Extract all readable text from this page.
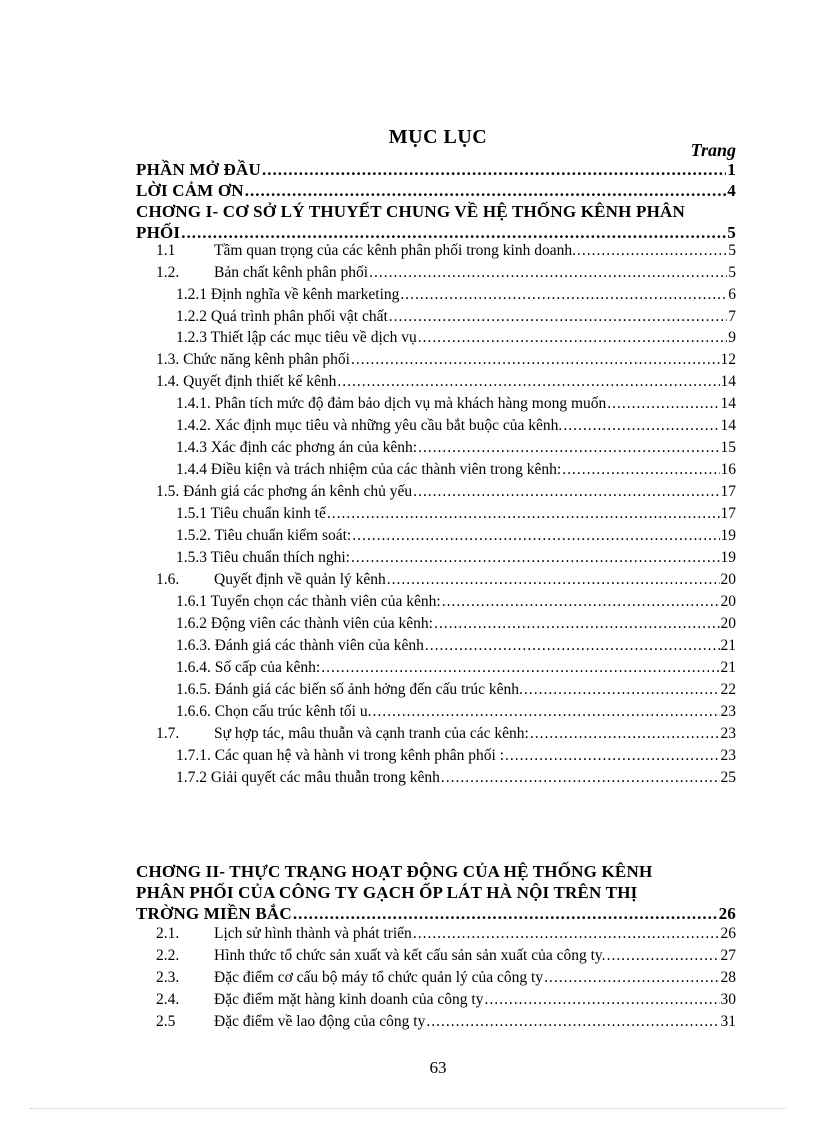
MỤC LỤC
Trang
PHẦN MỞ ĐẦU .....	1
LỜI CẢM ƠN .....	4
CHƠNG I- CƠ SỞ LÝ THUYẾT CHUNG VỀ HỆ THỐNG KÊNH PHÂN
PHỐI .....	5
1.1 Tầm quan trọng của các kênh phân phối trong kinh doanh. .....	5
1.2. Bản chất kênh phân phối .....	5
1.2.1 Định nghĩa về kênh marketing .....	6
1.2.2 Quá trình phân phối vật chất .....	7
1.2.3 Thiết lập các mục tiêu về dịch vụ .....	9
1.3. Chức năng kênh phân phối .....	12
1.4. Quyết định thiết kế kênh .....	14
1.4.1. Phân tích mức độ đảm bảo dịch vụ mà khách hàng mong muốn .....	14
1.4.2. Xác định mục tiêu và những yêu cầu bắt buộc của kênh. .....	14
1.4.3 Xác định các phơng án của kênh: .....	15
1.4.4 Điều kiện và trách nhiệm của các thành viên trong kênh: .....	16
1.5. Đánh giá các phơng án kênh chủ yếu .....	17
1.5.1 Tiêu chuẩn kinh tế .....	17
1.5.2. Tiêu chuẩn kiểm soát: .....	19
1.5.3 Tiêu chuẩn thích nghi: .....	19
1.6. Quyết định về quản lý kênh .....	20
1.6.1 Tuyển chọn các thành viên của kênh: .....	20
1.6.2 Động viên các thành viên của kênh: .....	20
1.6.3. Đánh giá các thành viên của kênh .....	21
1.6.4. Số cấp của kênh: .....	21
1.6.5. Đánh giá các biến số ảnh hởng đến cấu trúc kênh. .....	22
1.6.6. Chọn cấu trúc kênh tối u. .....	23
1.7. Sự hợp tác, mâu thuẫn và cạnh tranh của các kênh: .....	23
1.7.1. Các quan hệ và hành vi trong kênh phân phối : .....	23
1.7.2 Giải quyết các mâu thuẫn trong kênh .....	25
CHƠNG II- THỰC TRẠNG HOẠT ĐỘNG CỦA HỆ THỐNG KÊNH
PHÂN PHỐI CỦA CÔNG TY GẠCH ỐP LÁT HÀ NỘI TRÊN THỊ
TRỜNG MIỀN BẮC .....	26
2.1. Lịch sử hình thành và phát triển .....	26
2.2. Hình thức tổ chức sản xuất và kết cấu sản sản xuất của công ty. .....	27
2.3. Đặc điểm cơ cấu bộ máy tổ chức quản lý của công ty .....	28
2.4. Đặc điểm mặt hàng kinh doanh của công ty .....	30
2.5 Đặc điểm về lao động của công ty .....	31
63
